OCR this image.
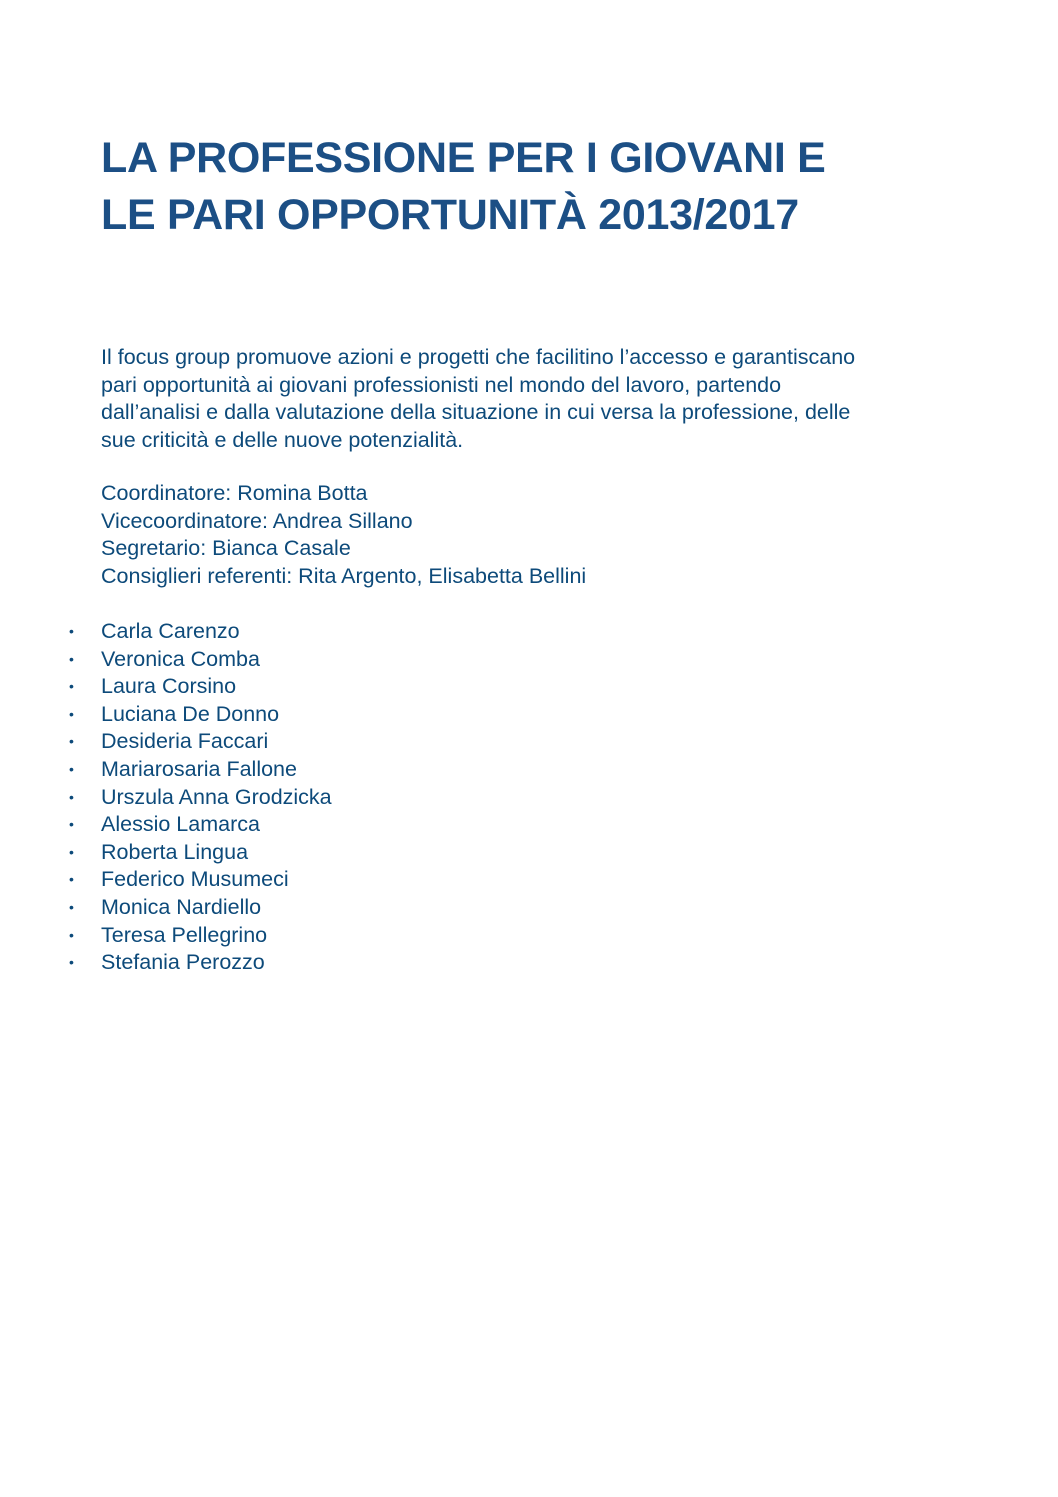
LA PROFESSIONE PER I GIOVANI E
LE PARI OPPORTUNITÀ 2013/2017

Il focus group promuove azioni e progetti che facilitino l’accesso e garantiscano
pari opportunità ai giovani professionisti nel mondo del lavoro, partendo
dall’analisi e dalla valutazione della situazione in cui versa la professione, delle
sue criticità e delle nuove potenzialità.

Coordinatore: Romina Botta
Vicecoordinatore: Andrea Sillano
Segretario: Bianca Casale
Consiglieri referenti: Rita Argento, Elisabetta Bellini
• Carla Carenzo
• Veronica Comba
• Laura Corsino
• Luciana De Donno
• Desideria Faccari
• Mariarosaria Fallone
• Urszula Anna Grodzicka
• Alessio Lamarca
• Roberta Lingua
• Federico Musumeci
• Monica Nardiello
• Teresa Pellegrino
• Stefania Perozzo
